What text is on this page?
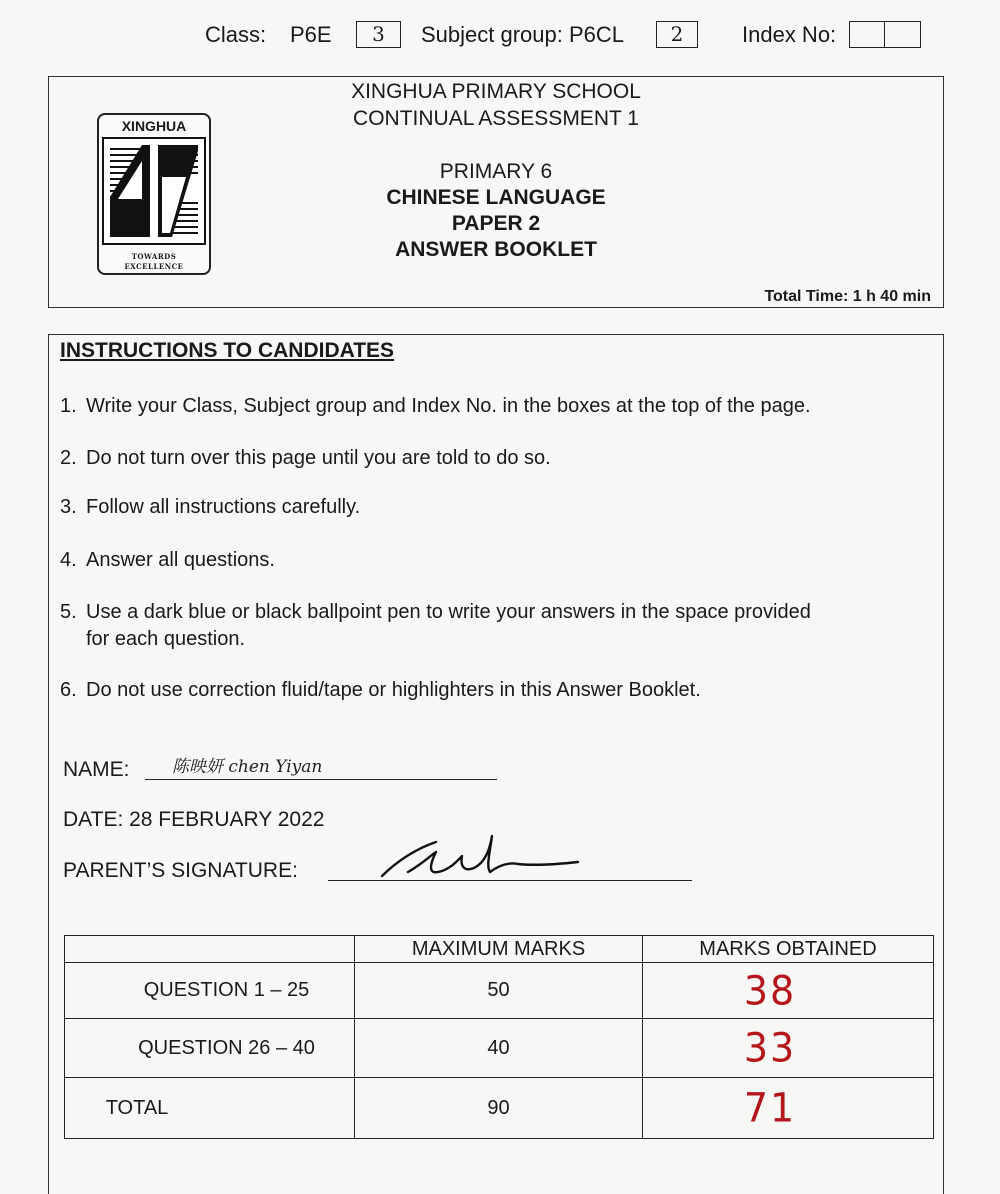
Class: P6E	3	Subject group: P6CL	2	Index No:
XINGHUA PRIMARY SCHOOL
CONTINUAL ASSESSMENT 1
PRIMARY 6
CHINESE LANGUAGE
PAPER 2
ANSWER BOOKLET
Total Time: 1 h 40 min
XINGHUA
TOWARDS
EXCELLENCE
INSTRUCTIONS TO CANDIDATES
1. Write your Class, Subject group and Index No. in the boxes at the top of the page.
2. Do not turn over this page until you are told to do so.
3. Follow all instructions carefully.
4. Answer all questions.
5. Use a dark blue or black ballpoint pen to write your answers in the space provided
for each question.
6. Do not use correction fluid/tape or highlighters in this Answer Booklet.
NAME: 陈映妍 chen Yiyan
DATE: 28 FEBRUARY 2022
PARENT’S SIGNATURE:
	MAXIMUM MARKS	MARKS OBTAINED
QUESTION 1 – 25	50	38
QUESTION 26 – 40	40	33
TOTAL	90	71
